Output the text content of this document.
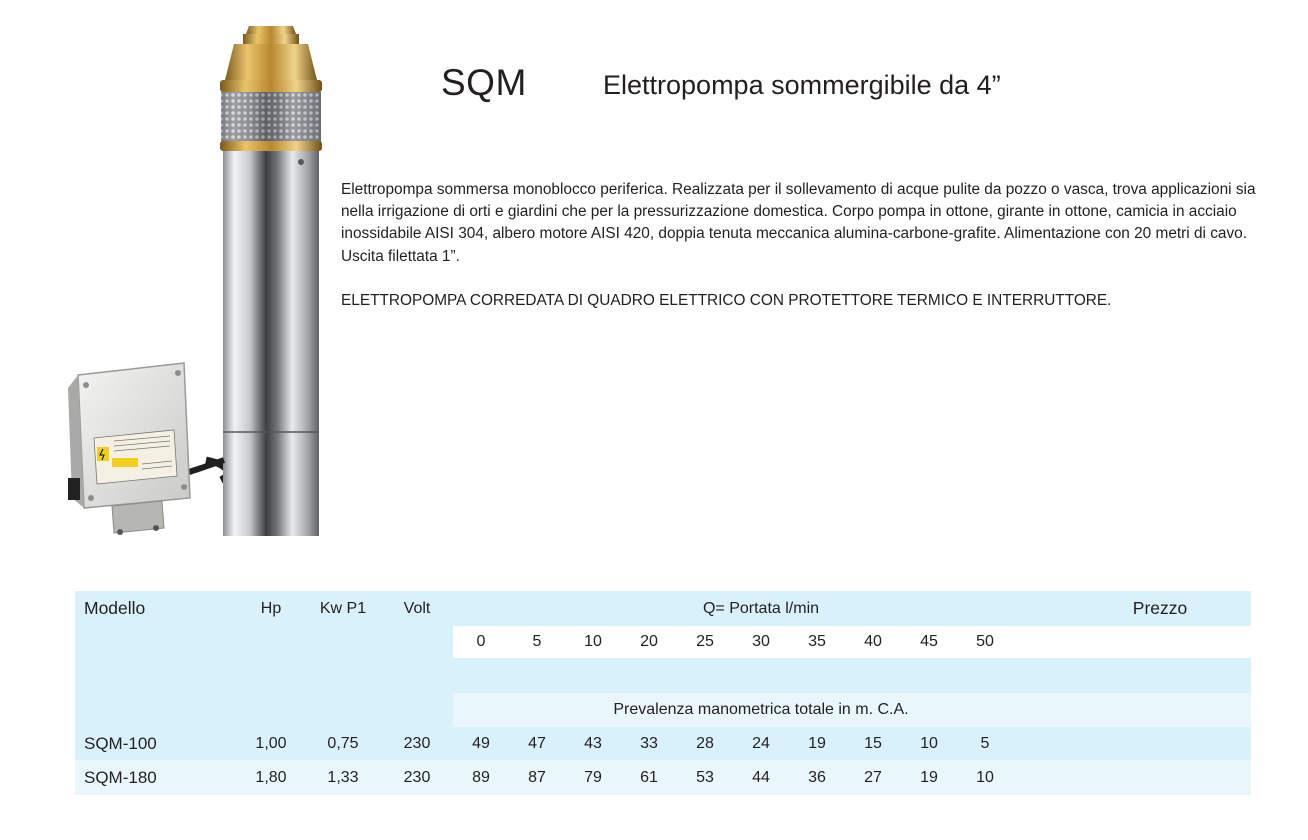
SQM	Elettropompa sommergibile da 4”

Elettropompa sommersa monoblocco periferica. Realizzata per il sollevamento di acque pulite da pozzo o vasca, trova applicazioni sia nella irrigazione di orti e giardini che per la pressurizzazione domestica. Corpo pompa in ottone, girante in ottone, camicia in acciaio inossidabile AISI 304, albero motore AISI 420, doppia tenuta meccanica alumina-carbone-grafite. Alimentazione con 20 metri di cavo. Uscita filettata 1”.

ELETTROPOMPA CORREDATA DI QUADRO ELETTRICO CON PROTETTORE TERMICO E INTERRUTTORE.

Modello	Hp	Kw P1	Volt	Q= Portata l/min	Prezzo
0	5	10	20	25	30	35	40	45	50
Prevalenza manometrica totale in m. C.A.
SQM-100	1,00	0,75	230	49	47	43	33	28	24	19	15	10	5
SQM-180	1,80	1,33	230	89	87	79	61	53	44	36	27	19	10
